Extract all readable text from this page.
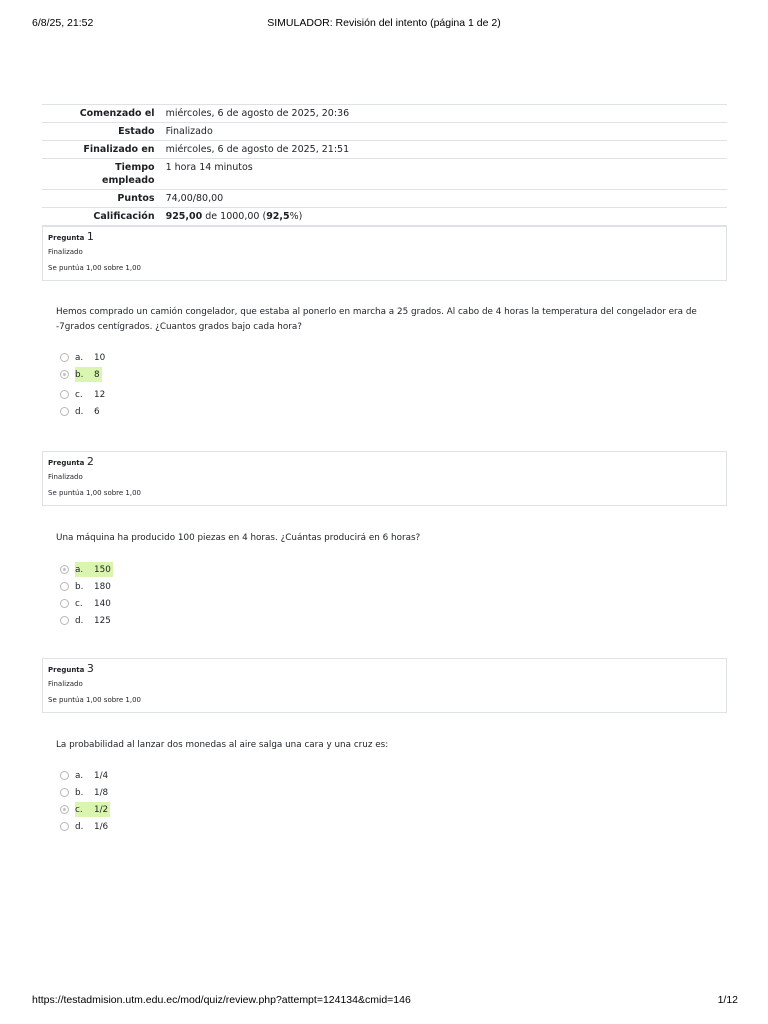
6/8/25, 21:52	SIMULADOR: Revisión del intento (página 1 de 2)
Comenzado el	miércoles, 6 de agosto de 2025, 20:36
Estado	Finalizado
Finalizado en	miércoles, 6 de agosto de 2025, 21:51
Tiempo empleado	1 hora 14 minutos
Puntos	74,00/80,00
Calificación	925,00 de 1000,00 (92,5%)
Pregunta 1
Finalizado
Se puntúa 1,00 sobre 1,00
Hemos comprado un camión congelador, que estaba al ponerlo en marcha a 25 grados. Al cabo de 4 horas la temperatura del congelador era de -7grados centígrados. ¿Cuantos grados bajo cada hora?
a.	10
b.	8
c.	12
d.	6
Pregunta 2
Finalizado
Se puntúa 1,00 sobre 1,00
Una máquina ha producido 100 piezas en 4 horas. ¿Cuántas producirá en 6 horas?
a.	150
b.	180
c.	140
d.	125
Pregunta 3
Finalizado
Se puntúa 1,00 sobre 1,00
La probabilidad al lanzar dos monedas al aire salga una cara y una cruz es:
a.	1/4
b.	1/8
c.	1/2
d.	1/6
https://testadmision.utm.edu.ec/mod/quiz/review.php?attempt=124134&cmid=146	1/12
